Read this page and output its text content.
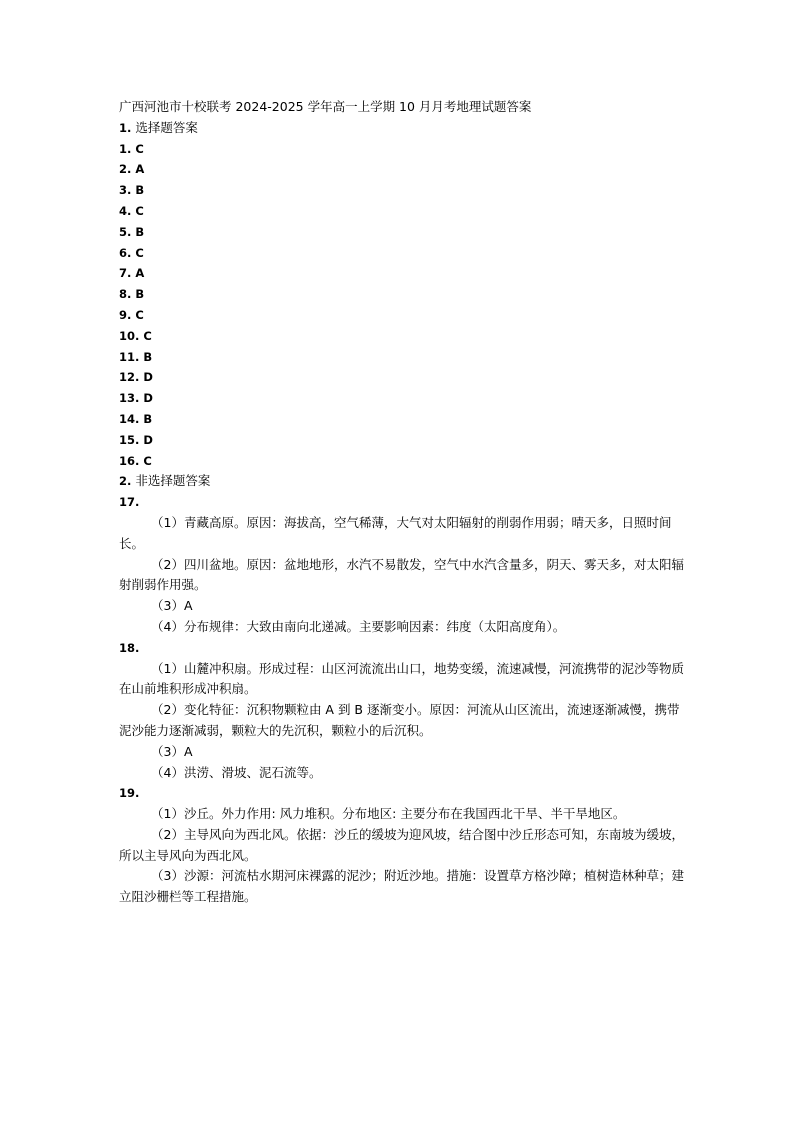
广西河池市十校联考 2024-2025 学年高一上学期 10 月月考地理试题答案
1. 选择题答案
1. C
2. A
3. B
4. C
5. B
6. C
7. A
8. B
9. C
10. C
11. B
12. D
13. D
14. B
15. D
16. C
2. 非选择题答案
17.
（1）青藏高原。原因：海拔高，空气稀薄，大气对太阳辐射的削弱作用弱；晴天多，日照时间长。
（2）四川盆地。原因：盆地地形，水汽不易散发，空气中水汽含量多，阴天、雾天多，对太阳辐射削弱作用强。
（3）A
（4）分布规律：大致由南向北递减。主要影响因素：纬度（太阳高度角）。
18.
（1）山麓冲积扇。形成过程：山区河流流出山口，地势变缓，流速减慢，河流携带的泥沙等物质在山前堆积形成冲积扇。
（2）变化特征：沉积物颗粒由 A 到 B 逐渐变小。原因：河流从山区流出，流速逐渐减慢，携带泥沙能力逐渐减弱，颗粒大的先沉积，颗粒小的后沉积。
（3）A
（4）洪涝、滑坡、泥石流等。
19.
（1）沙丘。外力作用: 风力堆积。分布地区: 主要分布在我国西北干旱、半干旱地区。
（2）主导风向为西北风。依据：沙丘的缓坡为迎风坡，结合图中沙丘形态可知，东南坡为缓坡，所以主导风向为西北风。
（3）沙源：河流枯水期河床裸露的泥沙；附近沙地。措施：设置草方格沙障；植树造林种草；建立阻沙栅栏等工程措施。
